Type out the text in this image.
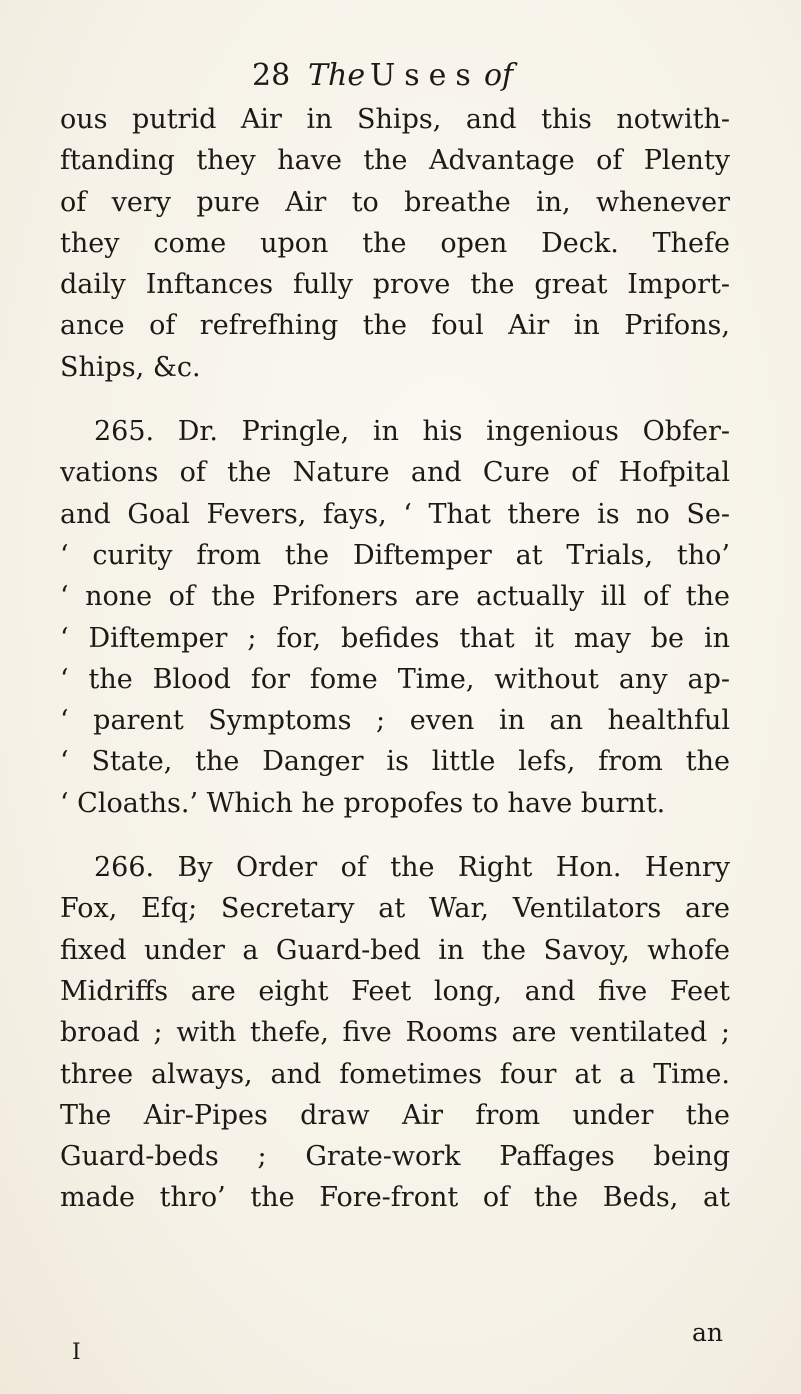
28 The Uses of
ous putrid Air in Ships, and this notwith-
ftanding they have the Advantage of Plenty
of very pure Air to breathe in, whenever
they come upon the open Deck. Thefe
daily Inftances fully prove the great Import-
ance of refrefhing the foul Air in Prifons,
Ships, &c.
265. Dr. Pringle, in his ingenious Obfer-
vations of the Nature and Cure of Hofpital
and Goal Fevers, fays, ‘ That there is no Se-
‘ curity from the Diftemper at Trials, tho’
‘ none of the Prifoners are actually ill of the
‘ Diftemper ; for, befides that it may be in
‘ the Blood for fome Time, without any ap-
‘ parent Symptoms ; even in an healthful
‘ State, the Danger is little lefs, from the
‘ Cloaths.’ Which he propofes to have burnt.
266. By Order of the Right Hon. Henry
Fox, Efq; Secretary at War, Ventilators are
fixed under a Guard-bed in the Savoy, whofe
Midriffs are eight Feet long, and five Feet
broad ; with thefe, five Rooms are ventilated ;
three always, and fometimes four at a Time.
The Air-Pipes draw Air from under the
Guard-beds ; Grate-work Paffages being
made thro’ the Fore-front of the Beds, at
an
I
